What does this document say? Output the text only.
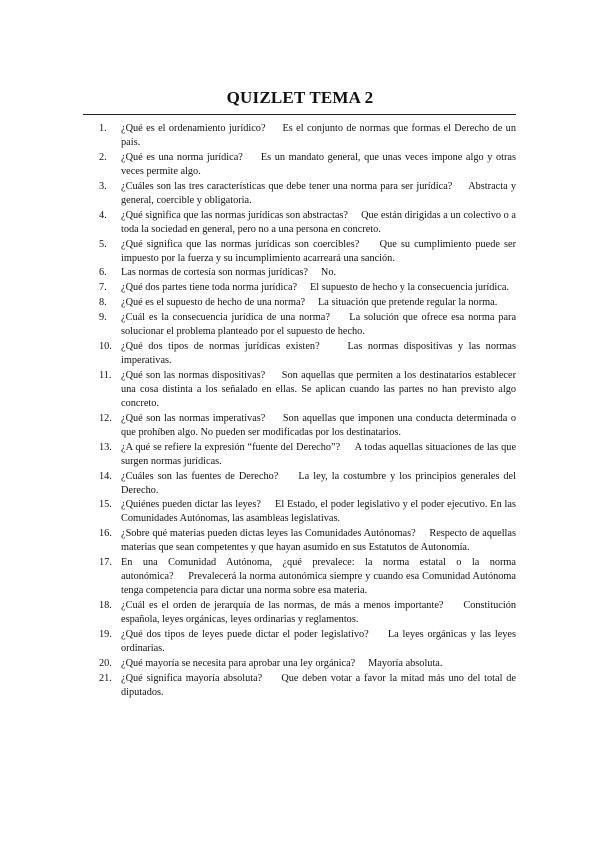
QUIZLET TEMA 2
1.	¿Qué es el ordenamiento jurídico? Es el conjunto de normas que formas el Derecho de un país.
2.	¿Qué es una norma jurídica? Es un mandato general, que unas veces impone algo y otras veces permite algo.
3.	¿Cuáles son las tres características que debe tener una norma para ser jurídica? Abstracta y general, coercible y obligatoria.
4.	¿Qué significa que las normas jurídicas son abstractas? Que están dirigidas a un colectivo o a toda la sociedad en general, pero no a una persona en concreto.
5.	¿Qué significa que las normas jurídicas son coercibles? Que su cumplimiento puede ser impuesto por la fuerza y su incumplimiento acarreará una sanción.
6.	Las normas de cortesía son normas jurídicas? No.
7.	¿Qué dos partes tiene toda norma jurídica? El supuesto de hecho y la consecuencia jurídica.
8.	¿Qué es el supuesto de hecho de una norma? La situación que pretende regular la norma.
9.	¿Cuál es la consecuencia jurídica de una norma? La solución que ofrece esa norma para solucionar el problema planteado por el supuesto de hecho.
10. ¿Qué dos tipos de normas jurídicas existen?	Las normas dispositivas y las normas imperativas.
11. ¿Qué son las normas dispositivas? Son aquellas que permiten a los destinatarios establecer una cosa distinta a los señalado en ellas. Se aplican cuando las partes no han previsto algo concreto.
12. ¿Qué son las normas imperativas? Son aquellas que imponen una conducta determinada o que prohíben algo. No pueden ser modificadas por los destinatarios.
13. ¿A qué se refiere la expresión “fuente del Derecho”? A todas aquellas situaciones de las que surgen normas jurídicas.
14. ¿Cuáles son las fuentes de Derecho? La ley, la costumbre y los principios generales del Derecho.
15. ¿Quiénes pueden dictar las leyes? El Estado, el poder legislativo y el poder ejecutivo. En las Comunidades Autónomas, las asambleas legislativas.
16. ¿Sobre qué materias pueden dictas leyes las Comunidades Autónomas? Respecto de aquellas materias que sean competentes y que hayan asumido en sus Estatutos de Autonomía.
17. En una Comunidad Autónoma, ¿qué prevalece: la norma estatal o la norma autonómica? Prevalecerá la norma autonómica siempre y cuando esa Comunidad Autónoma tenga competencia para dictar una norma sobre esa materia.
18. ¿Cuál es el orden de jerarquía de las normas, de más a menos importante? Constitución española, leyes orgánicas, leyes ordinarias y reglamentos.
19. ¿Qué dos tipos de leyes puede dictar el poder legislativo? La leyes orgánicas y las leyes ordinarias.
20. ¿Qué mayoría se necesita para aprobar una ley orgánica? Mayoría absoluta.
21. ¿Qué significa mayoría absoluta? Que deben votar a favor la mitad más uno del total de diputados.
